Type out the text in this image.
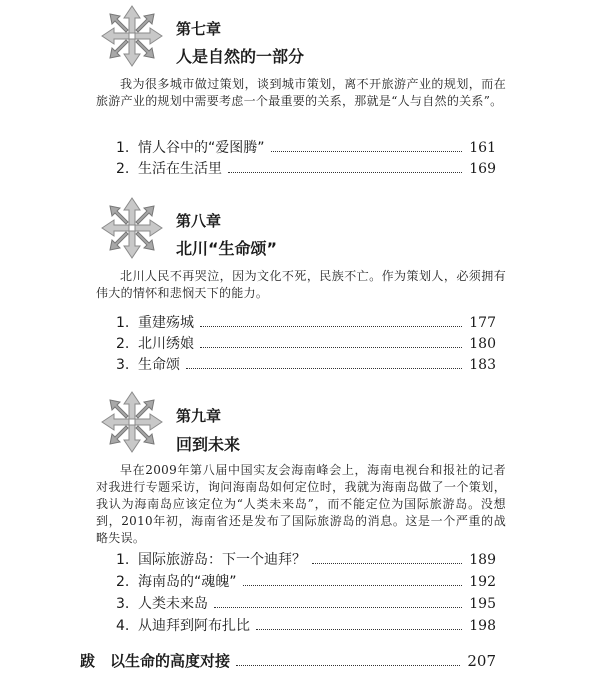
第七章
人是自然的一部分
我为很多城市做过策划，谈到城市策划，离不开旅游产业的规划，而在旅游产业的规划中需要考虑一个最重要的关系，那就是“人与自然的关系”。
1. 情人谷中的“爱图腾”	161
2. 生活在生活里	169
第八章
北川“生命颂”
北川人民不再哭泣，因为文化不死，民族不亡。作为策划人，必须拥有伟大的情怀和悲悯天下的能力。
1. 重建殇城	177
2. 北川绣娘	180
3. 生命颂	183
第九章
回到未来
早在2009年第八届中国实友会海南峰会上，海南电视台和报社的记者对我进行专题采访，询问海南岛如何定位时，我就为海南岛做了一个策划，我认为海南岛应该定位为“人类未来岛”，而不能定位为国际旅游岛。没想到，2010年初，海南省还是发布了国际旅游岛的消息。这是一个严重的战略失误。
1. 国际旅游岛：下一个迪拜？	189
2. 海南岛的“魂魄”	192
3. 人类未来岛	195
4. 从迪拜到阿布扎比	198
跋 以生命的高度对接	207
